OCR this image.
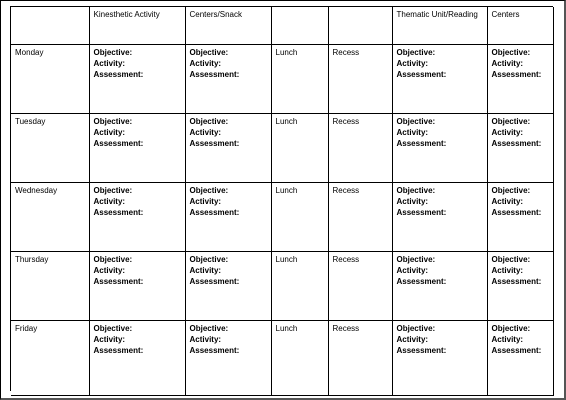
	Kinesthetic Activity	Centers/Snack			Thematic Unit/Reading	Centers
Monday	Objective:
Activity:
Assessment:	Objective:
Activity:
Assessment:	Lunch	Recess	Objective:
Activity:
Assessment:	Objective:
Activity:
Assessment:

Tuesday	Objective:
Activity:
Assessment:	Objective:
Activity:
Assessment:	Lunch	Recess	Objective:
Activity:
Assessment:	Objective:
Activity:
Assessment:

Wednesday	Objective:
Activity:
Assessment:	Objective:
Activity:
Assessment:	Lunch	Recess	Objective:
Activity:
Assessment:	Objective:
Activity:
Assessment:

Thursday	Objective:
Activity:
Assessment:	Objective:
Activity:
Assessment:	Lunch	Recess	Objective:
Activity:
Assessment:	Objective:
Activity:
Assessment:

Friday	Objective:
Activity:
Assessment:	Objective:
Activity:
Assessment:	Lunch	Recess	Objective:
Activity:
Assessment:	Objective:
Activity:
Assessment:
